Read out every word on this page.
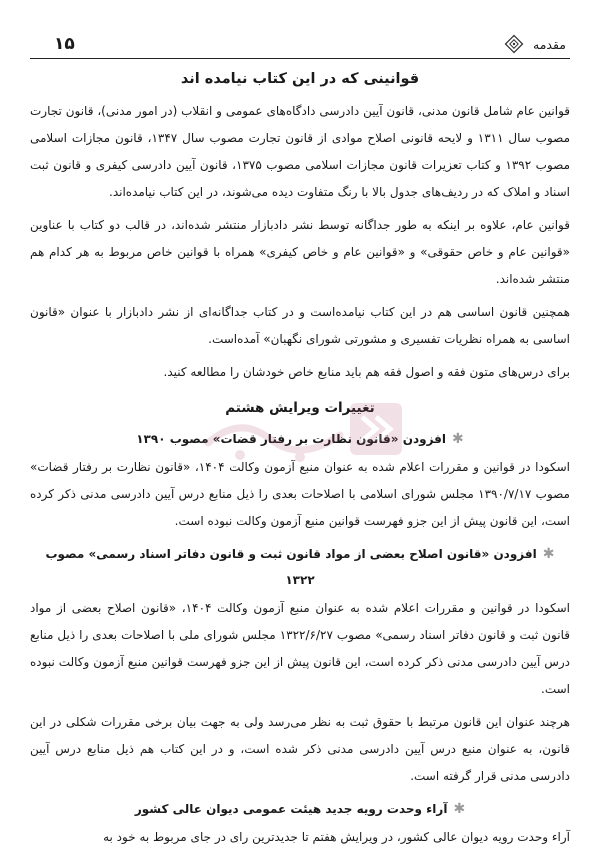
۱۵	مقدمه
قوانینی که در این کتاب نیامده اند

قوانین عام شامل قانون مدنی، قانون آیین دادرسی دادگاه‌های عمومی و انقلاب (در امور مدنی)، قانون تجارت مصوب سال ۱۳۱۱ و لایحه قانونی اصلاح موادی از قانون تجارت مصوب سال ۱۳۴۷، قانون مجازات اسلامی مصوب ۱۳۹۲ و کتاب تعزیرات قانون مجازات اسلامی مصوب ۱۳۷۵، قانون آیین دادرسی کیفری و قانون ثبت اسناد و املاک که در ردیف‌های جدول بالا با رنگ متفاوت دیده می‌شوند، در این کتاب نیامده‌اند.

قوانین عام، علاوه بر اینکه به طور جداگانه توسط نشر دادبازار منتشر شده‌اند، در قالب دو کتاب با عناوین «قوانین عام و خاص حقوقی» و «قوانین عام و خاص کیفری» همراه با قوانین خاص مربوط به هر کدام هم منتشر شده‌اند.

همچنین قانون اساسی هم در این کتاب نیامده‌است و در کتاب جداگانه‌ای از نشر دادبازار با عنوان «قانون اساسی به همراه نظریات تفسیری و مشورتی شورای نگهبان» آمده‌است.

برای درس‌های متون فقه و اصول فقه هم باید منابع خاص خودشان را مطالعه کنید.

تغییرات ویرایش هشتم
✱افزودن «قانون نظارت بر رفتار قضات» مصوب ۱۳۹۰

اسکودا در قوانین و مقررات اعلام شده به عنوان منبع آزمون وکالت ۱۴۰۴، «قانون نظارت بر رفتار قضات» مصوب ۱۳۹۰/۷/۱۷ مجلس شورای اسلامی با اصلاحات بعدی را ذیل منابع درس آیین دادرسی مدنی ذکر کرده است، این قانون پیش از این جزو فهرست قوانین منبع آزمون وکالت نبوده است.

✱افزودن «قانون اصلاح بعضی از مواد قانون ثبت و قانون دفاتر اسناد رسمی» مصوب ۱۳۲۲

اسکودا در قوانین و مقررات اعلام شده به عنوان منبع آزمون وکالت ۱۴۰۴، «قانون اصلاح بعضی از مواد قانون ثبت و قانون دفاتر اسناد رسمی» مصوب ۱۳۲۲/۶/۲۷ مجلس شورای ملی با اصلاحات بعدی را ذیل منابع درس آیین دادرسی مدنی ذکر کرده است، این قانون پیش از این جزو فهرست قوانین منبع آزمون وکالت نبوده است.

هرچند عنوان این قانون مرتبط با حقوق ثبت به نظر می‌رسد ولی به جهت بیان برخی مقررات شکلی در این قانون، به عنوان منبع درس آیین دادرسی مدنی ذکر شده است، و در این کتاب هم ذیل منابع درس آیین دادرسی مدنی قرار گرفته است.

✱آراء وحدت رویه جدید هیئت عمومی دیوان عالی کشور

آراء وحدت رویه دیوان عالی کشور، در ویرایش هفتم تا جدیدترین رای در جای مربوط به خود به
